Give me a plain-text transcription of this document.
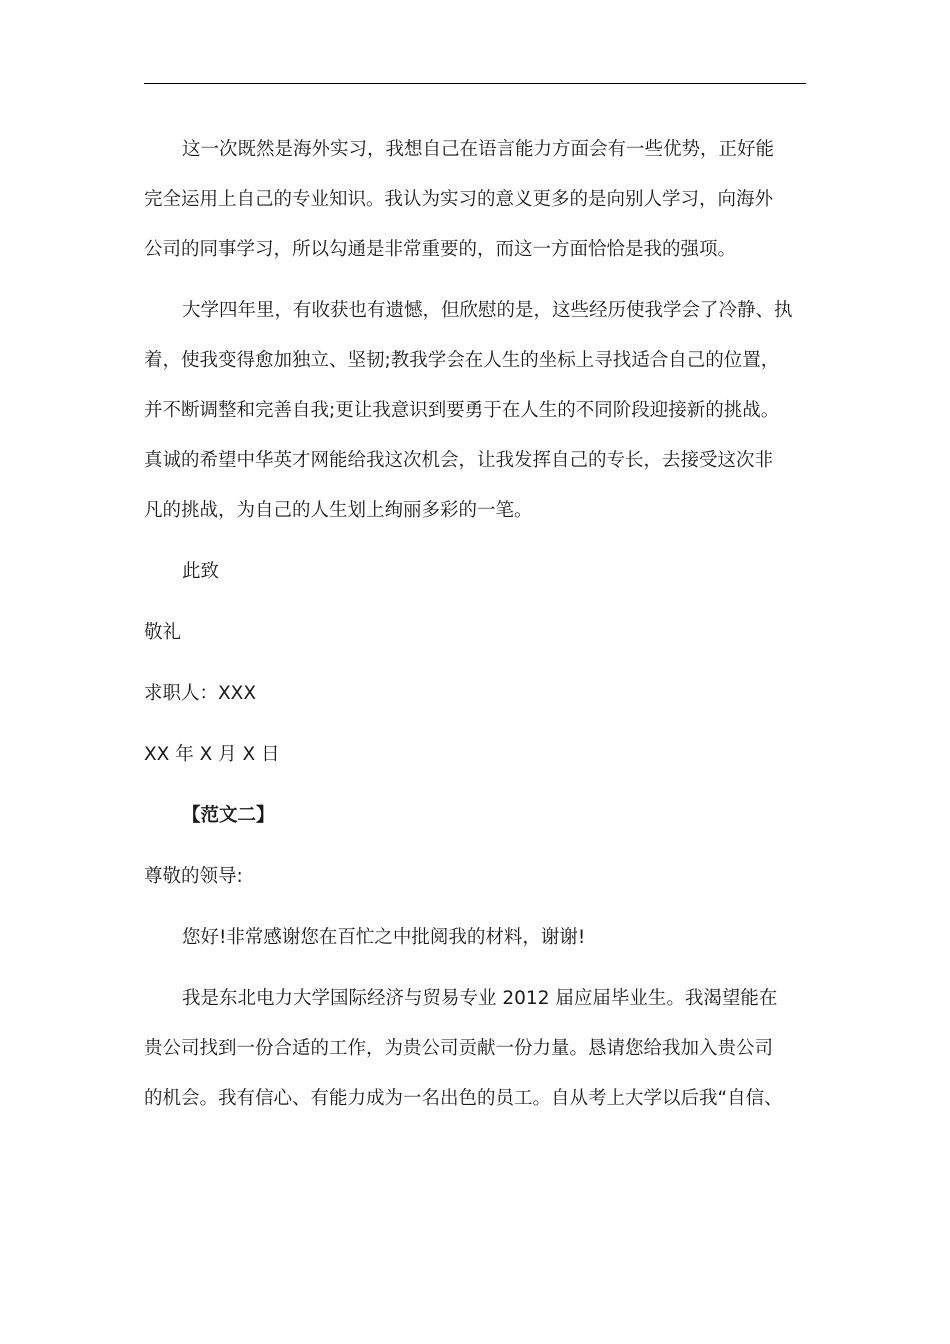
这一次既然是海外实习，我想自己在语言能力方面会有一些优势，正好能
完全运用上自己的专业知识。我认为实习的意义更多的是向别人学习，向海外
公司的同事学习，所以勾通是非常重要的，而这一方面恰恰是我的强项。

大学四年里，有收获也有遗憾，但欣慰的是，这些经历使我学会了冷静、执
着，使我变得愈加独立、坚韧;教我学会在人生的坐标上寻找适合自己的位置，
并不断调整和完善自我;更让我意识到要勇于在人生的不同阶段迎接新的挑战。
真诚的希望中华英才网能给我这次机会，让我发挥自己的专长，去接受这次非
凡的挑战，为自己的人生划上绚丽多彩的一笔。

此致

敬礼

求职人：XXX

XX 年 X 月 X 日

【范文二】

尊敬的领导:

您好!非常感谢您在百忙之中批阅我的材料，谢谢!

我是东北电力大学国际经济与贸易专业 2012 届应届毕业生。我渴望能在
贵公司找到一份合适的工作，为贵公司贡献一份力量。恳请您给我加入贵公司
的机会。我有信心、有能力成为一名出色的员工。自从考上大学以后我“自信、
